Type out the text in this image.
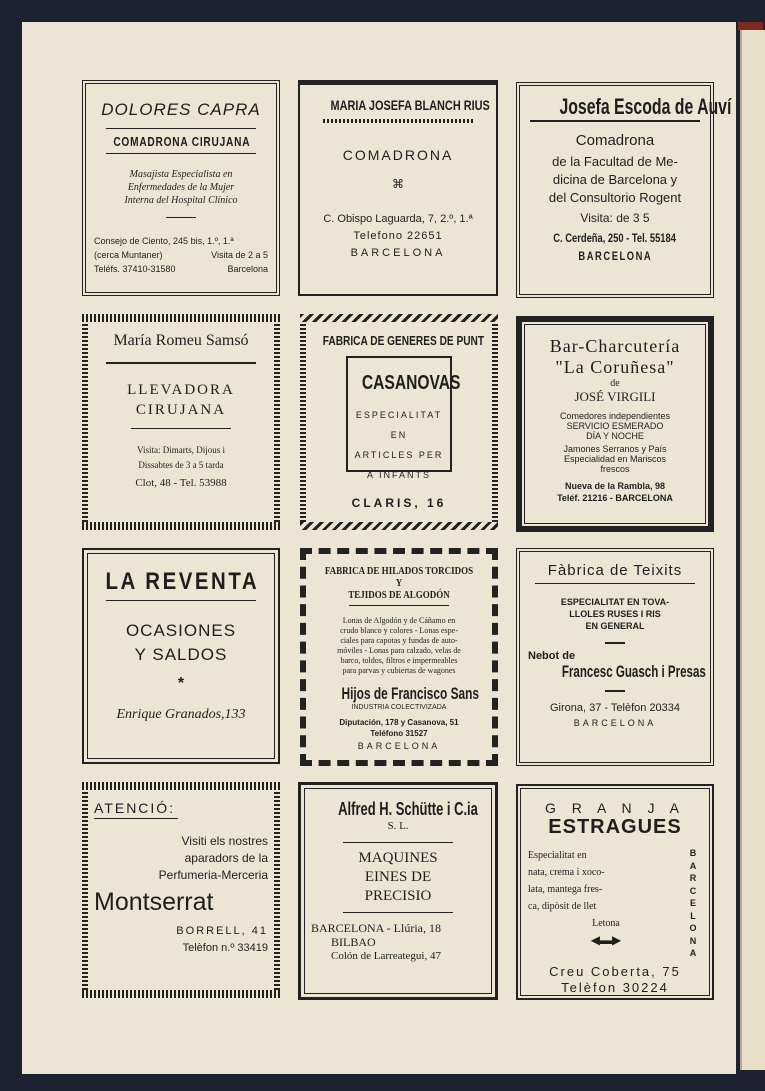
DOLORES CAPRA
COMADRONA CIRUJANA
Masajista Especialista en
Enfermedades de la Mujer
Interna del Hospital Clínico
Consejo de Ciento, 245 bis, 1.º, 1.ª
(cerca Muntaner)	Visita de 2 a 5
Teléfs. 37410-31580	Barcelona
MARIA JOSEFA BLANCH RIUS
COMADRONA
⌘
C. Obispo Laguarda, 7, 2.º, 1.ª
Telefono 22651
BARCELONA
Josefa Escoda de Auví
Comadrona
de la Facultad de Me-
dicina de Barcelona y
del Consultorio Rogent
Visita: de 3 5
C. Cerdeña, 250 - Tel. 55184
BARCELONA
María Romeu Samsó
LLEVADORA
CIRUJANA
Visita: Dimarts, Dijous i
Dissabtes de 3 a 5 tarda
Clot, 48 - Tel. 53988
FABRICA DE GENERES DE PUNT
CASANOVAS
ESPECIALITAT EN
ARTICLES PER
A INFANTS
CLARIS, 16
Bar-Charcutería
"La Coruñesa"
de
JOSÉ VIRGILI
Comedores independientes
SERVICIO ESMERADO
DÍA Y NOCHE
Jamones Serranos y País
Especialidad en Mariscos
frescos
Nueva de la Rambla, 98
Teléf. 21216 - BARCELONA
LA REVENTA
OCASIONES
Y SALDOS
*
Enrique Granados,133
FABRICA DE HILADOS TORCIDOS Y
TEJIDOS DE ALGODÓN
Lonas de Algodón y de Cáñamo en
crudo blanco y colores - Lonas espe-
ciales para capotas y fundas de auto-
móviles - Lonas para calzado, velas de
barco, toldos, filtros e impermeables
para parvas y cubiertas de wagones
Hijos de Francisco Sans
INDUSTRIA COLECTIVIZADA
Diputación, 178 y Casanova, 51
Teléfono 31527
BARCELONA
Fàbrica de Teixits
ESPECIALITAT EN TOVA-
LLOLES RUSES I RIS
EN GENERAL
Nebot de
Francesc Guasch i Presas
Girona, 37 - Telèfon 20334
BARCELONA
ATENCIÓ:
Visiti els nostres
aparadors de la
Perfumeria-Merceria
Montserrat
BORRELL, 41
Telèfon n.º 33419
Alfred H. Schütte i C.ia
S. L.
MAQUINES
EINES DE
PRECISIO
BARCELONA - Llúria, 18
BILBAO
Colón de Larreategui, 47
G R A N J A
ESTRAGUES
Especialitat en
nata, crema i xoco-
lata, mantega fres-
ca, dipòsit de llet
Letona
◀▬▶
B
A
R
C
E
L
O
N
A
Creu Coberta, 75
Telèfon 30224
